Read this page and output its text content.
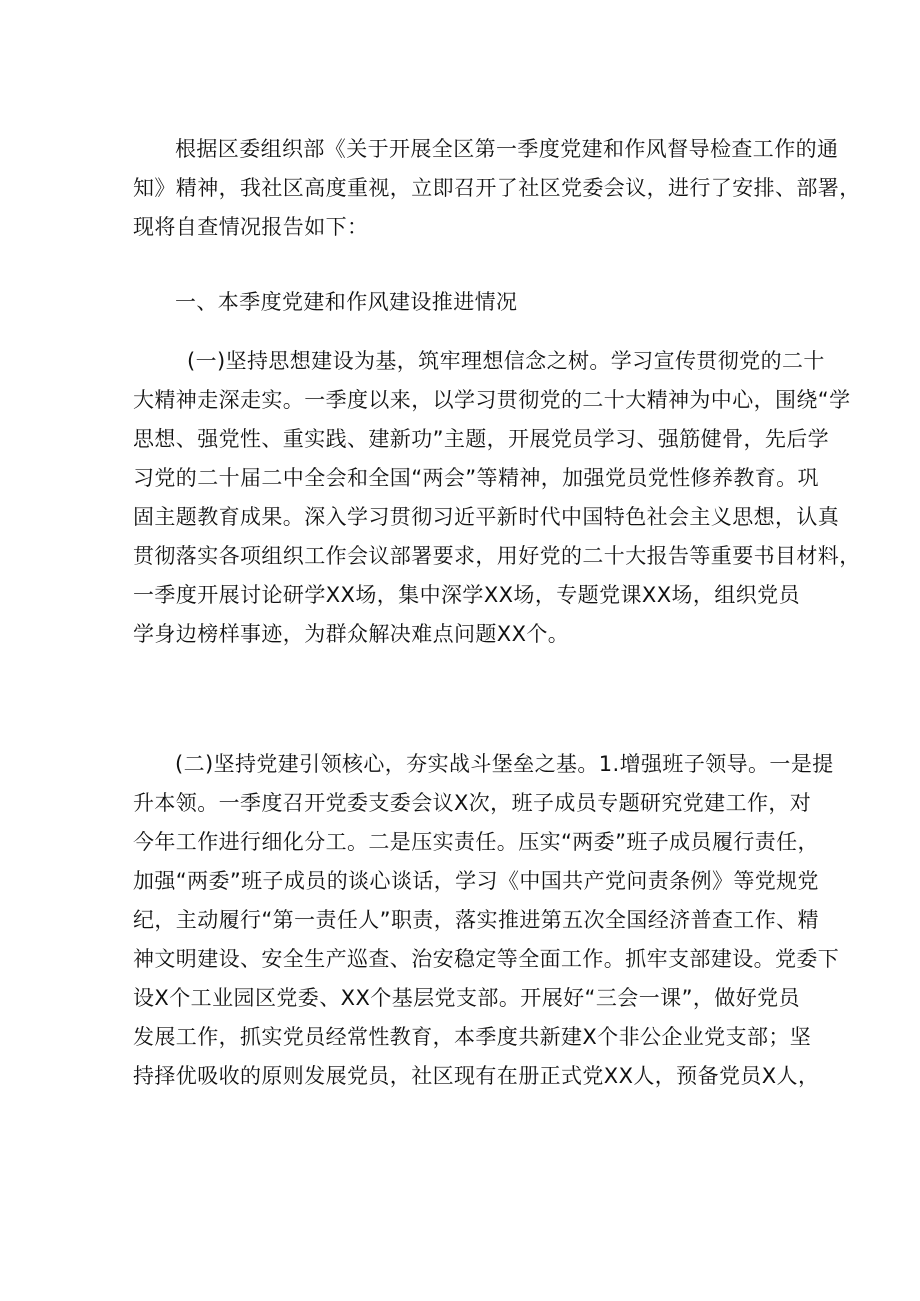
根据区委组织部《关于开展全区第一季度党建和作风督导检查工作的通
知》精神，我社区高度重视，立即召开了社区党委会议，进行了安排、部署，
现将自查情况报告如下：

一、本季度党建和作风建设推进情况

(一)坚持思想建设为基，筑牢理想信念之树。学习宣传贯彻党的二十
大精神走深走实。一季度以来，以学习贯彻党的二十大精神为中心，围绕“学
思想、强党性、重实践、建新功”主题，开展党员学习、强筋健骨，先后学
习党的二十届二中全会和全国“两会”等精神，加强党员党性修养教育。巩
固主题教育成果。深入学习贯彻习近平新时代中国特色社会主义思想，认真
贯彻落实各项组织工作会议部署要求，用好党的二十大报告等重要书目材料，
一季度开展讨论研学XX场，集中深学XX场，专题党课XX场，组织党员
学身边榜样事迹，为群众解决难点问题XX个。

(二)坚持党建引领核心，夯实战斗堡垒之基。1.增强班子领导。一是提
升本领。一季度召开党委支委会议X次，班子成员专题研究党建工作，对
今年工作进行细化分工。二是压实责任。压实“两委”班子成员履行责任，
加强“两委”班子成员的谈心谈话，学习《中国共产党问责条例》等党规党
纪，主动履行“第一责任人”职责，落实推进第五次全国经济普查工作、精
神文明建设、安全生产巡查、治安稳定等全面工作。抓牢支部建设。党委下
设X个工业园区党委、XX个基层党支部。开展好“三会一课”，做好党员
发展工作，抓实党员经常性教育，本季度共新建X个非公企业党支部；坚
持择优吸收的原则发展党员，社区现有在册正式党XX人，预备党员X人，
